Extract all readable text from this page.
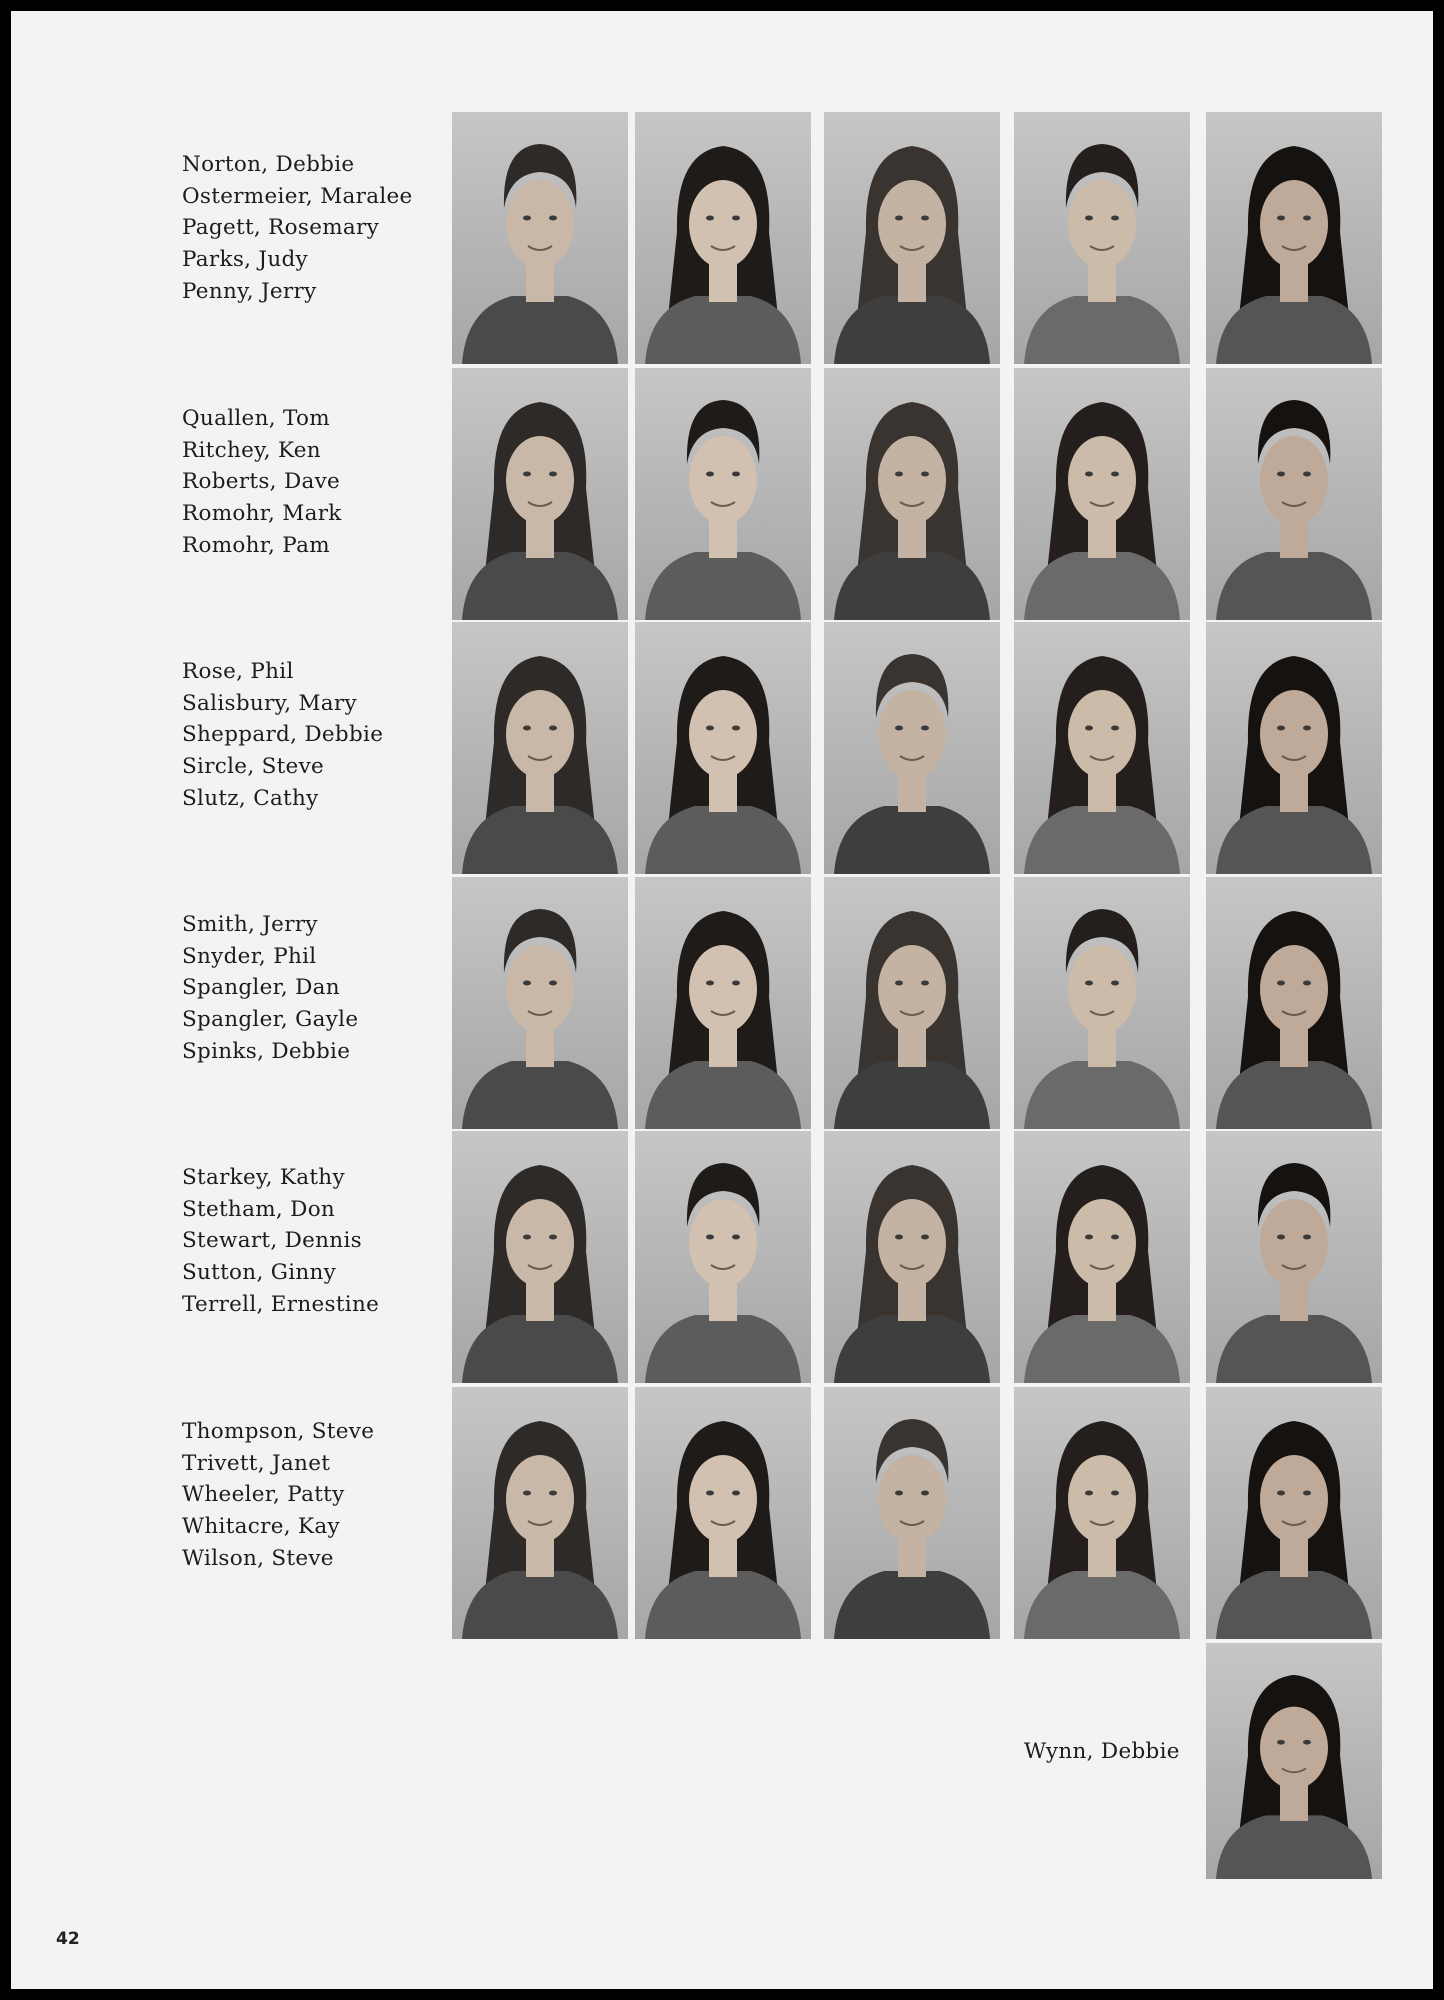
Norton, Debbie
Ostermeier, Maralee
Pagett, Rosemary
Parks, Judy
Penny, Jerry
Quallen, Tom
Ritchey, Ken
Roberts, Dave
Romohr, Mark
Romohr, Pam
Rose, Phil
Salisbury, Mary
Sheppard, Debbie
Sircle, Steve
Slutz, Cathy
Smith, Jerry
Snyder, Phil
Spangler, Dan
Spangler, Gayle
Spinks, Debbie
Starkey, Kathy
Stetham, Don
Stewart, Dennis
Sutton, Ginny
Terrell, Ernestine
Thompson, Steve
Trivett, Janet
Wheeler, Patty
Whitacre, Kay
Wilson, Steve
Wynn, Debbie
42
